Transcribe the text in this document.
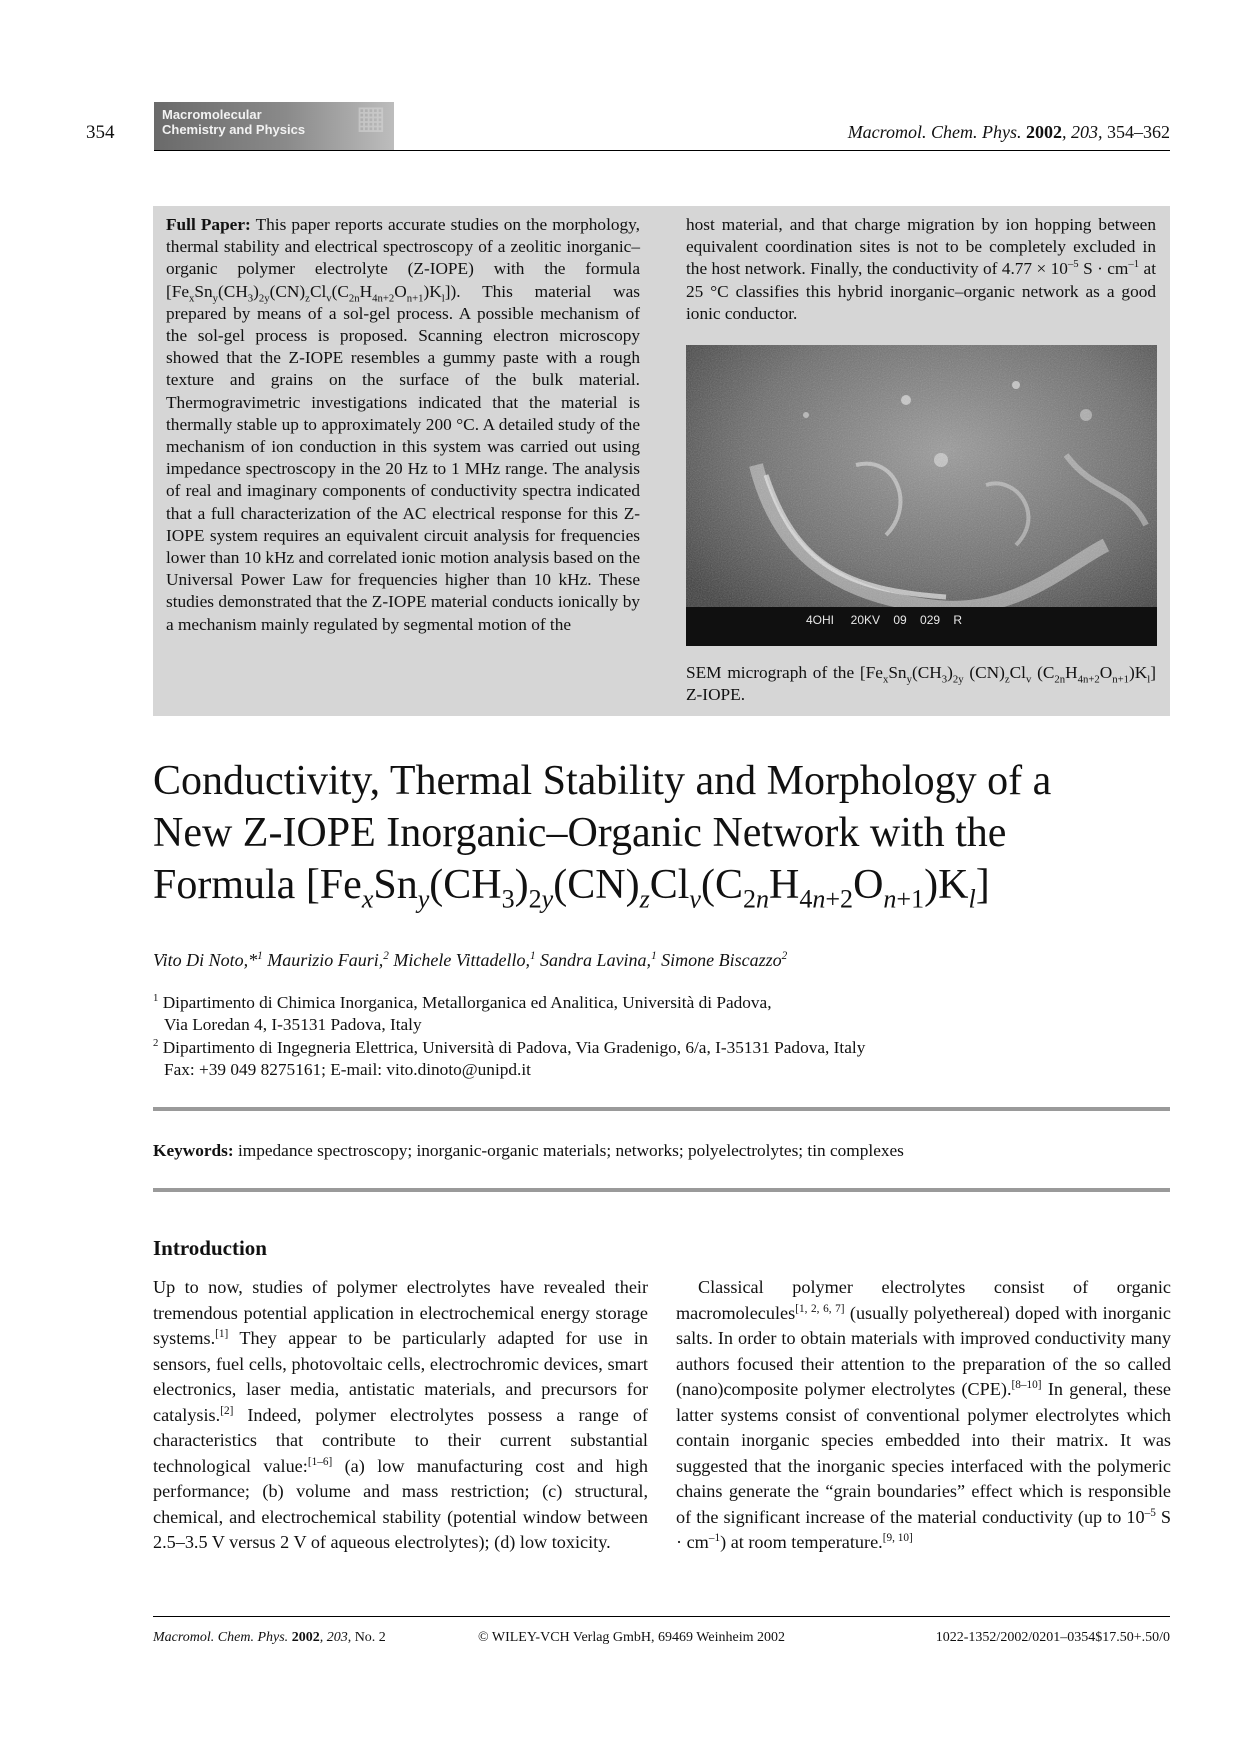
354
Macromolecular
Chemistry and Physics	▦	Macromol. Chem. Phys. 2002, 203, 354–362
Full Paper: This paper reports accurate studies on the morphology, thermal stability and electrical spectroscopy of a zeolitic inorganic–organic polymer electrolyte (Z-IOPE) with the formula $[Fe_xSn_y(CH_3)_{2y}(CN)_zCl_v(C_{2n}H_{4n+2}O_{n+1})K_l]$). This material was prepared by means of a sol-gel process. A possible mechanism of the sol-gel process is proposed. Scanning electron microscopy showed that the Z-IOPE resembles a gummy paste with a rough texture and grains on the surface of the bulk material. Thermogravimetric investigations indicated that the material is thermally stable up to approximately 200 °C. A detailed study of the mechanism of ion conduction in this system was carried out using impedance spectroscopy in the 20 Hz to 1 MHz range. The analysis of real and imaginary components of conductivity spectra indicated that a full characterization of the AC electrical response for this Z-IOPE system requires an equivalent circuit analysis for frequencies lower than 10 kHz and correlated ionic motion analysis based on the Universal Power Law for frequencies higher than 10 kHz. These studies demonstrated that the Z-IOPE material conducts ionically by a mechanism mainly regulated by segmental motion of the
host material, and that charge migration by ion hopping between equivalent coordination sites is not to be completely excluded in the host network. Finally, the conductivity of $4.77 \times 10^{-5}$ $S \cdot cm^{-1}$ at 25 °C classifies this hybrid inorganic–organic network as a good ionic conductor.
4OHI     20KV    09    029    R
SEM micrograph of the [$Fe_xSn_y(CH_3)_{2y}$ $(CN)_zCl_v$ $(C_{2n}H_{4n+2}O_{n+1})K_l$] Z-IOPE.
Conductivity, Thermal Stability and Morphology of a
New Z-IOPE Inorganic–Organic Network with the
Formula $[Fe_xSn_y(CH_3)_{2y}(CN)_zCl_v(C_{2n}H_{4n+2}O_{n+1})K_l]$
Vito Di Noto,*$^1$ Maurizio Fauri,$^2$ Michele Vittadello,$^1$ Sandra Lavina,$^1$ Simone Biscazzo$^2$
$^1$ Dipartimento di Chimica Inorganica, Metallorganica ed Analitica, Università di Padova,
Via Loredan 4, I-35131 Padova, Italy
$^2$ Dipartimento di Ingegneria Elettrica, Università di Padova, Via Gradenigo, 6/a, I-35131 Padova, Italy
Fax: +39 049 8275161; E-mail: vito.dinoto@unipd.it
Keywords: impedance spectroscopy; inorganic-organic materials; networks; polyelectrolytes; tin complexes
Introduction
Up to now, studies of polymer electrolytes have revealed their tremendous potential application in electrochemical energy storage systems.[1] They appear to be particularly adapted for use in sensors, fuel cells, photovoltaic cells, electrochromic devices, smart electronics, laser media, antistatic materials, and precursors for catalysis.[2] Indeed, polymer electrolytes possess a range of characteristics that contribute to their current substantial technological value:[1–6] (a) low manufacturing cost and high performance; (b) volume and mass restriction; (c) structural, chemical, and electrochemical stability (potential window between 2.5–3.5 V versus 2 V of aqueous electrolytes); (d) low toxicity.
Classical polymer electrolytes consist of organic macromolecules[1, 2, 6, 7] (usually polyethereal) doped with inorganic salts. In order to obtain materials with improved conductivity many authors focused their attention to the preparation of the so called (nano)composite polymer electrolytes (CPE).[8–10] In general, these latter systems consist of conventional polymer electrolytes which contain inorganic species embedded into their matrix. It was suggested that the inorganic species interfaced with the polymeric chains generate the “grain boundaries” effect which is responsible of the significant increase of the material conductivity (up to $10^{-5}$ $S \cdot cm^{-1}$) at room temperature.[9, 10]
Macromol. Chem. Phys. 2002, 203, No. 2	© WILEY-VCH Verlag GmbH, 69469 Weinheim 2002	1022-1352/2002/0201–0354$17.50+.50/0
